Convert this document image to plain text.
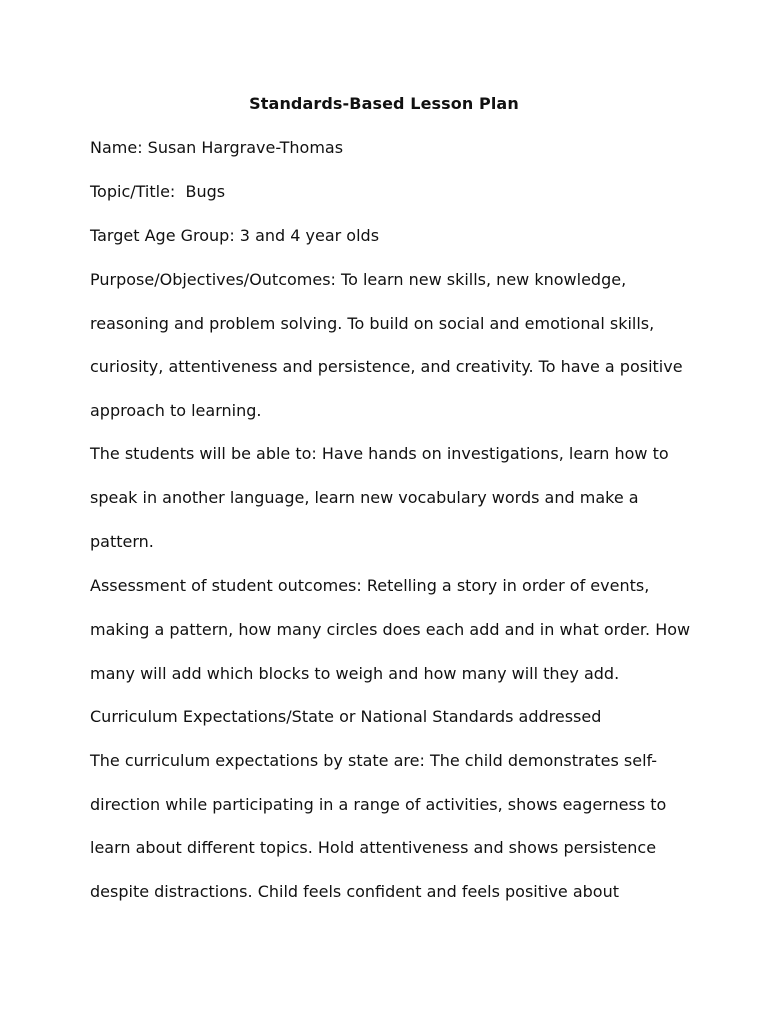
Standards-Based Lesson Plan
Name: Susan Hargrave-Thomas
Topic/Title:  Bugs
Target Age Group: 3 and 4 year olds
Purpose/Objectives/Outcomes: To learn new skills, new knowledge,
reasoning and problem solving. To build on social and emotional skills,
curiosity, attentiveness and persistence, and creativity. To have a positive
approach to learning.
The students will be able to: Have hands on investigations, learn how to
speak in another language, learn new vocabulary words and make a
pattern.
Assessment of student outcomes: Retelling a story in order of events,
making a pattern, how many circles does each add and in what order. How
many will add which blocks to weigh and how many will they add.
Curriculum Expectations/State or National Standards addressed
The curriculum expectations by state are: The child demonstrates self-
direction while participating in a range of activities, shows eagerness to
learn about different topics. Hold attentiveness and shows persistence
despite distractions. Child feels confident and feels positive about
